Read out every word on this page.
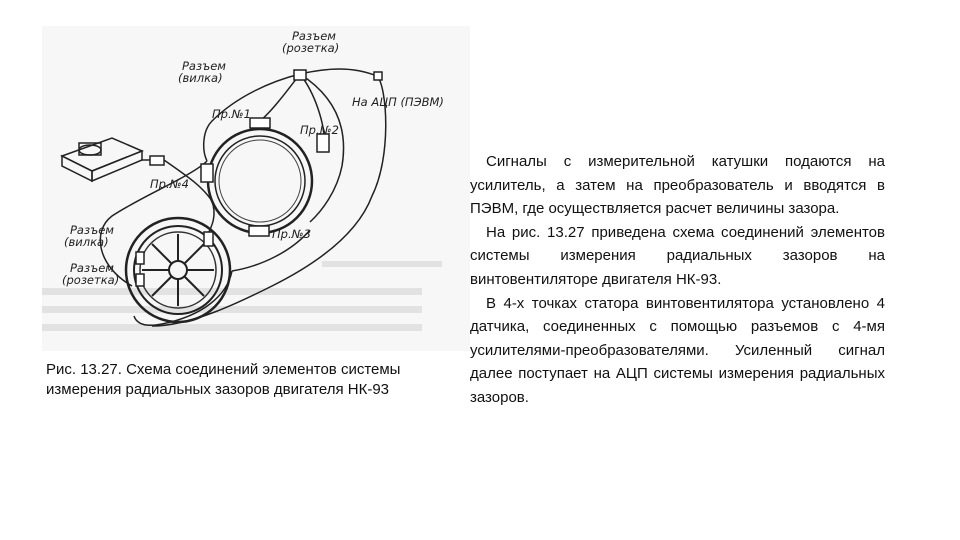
Разъем (розетка)
Разъем (вилка)
На АЦП (ПЭВМ)
Пр.№1
Пр.№2
Пр.№3
Пр.№4
Разъем (вилка)
Разъем (розетка)
Рис. 13.27. Схема соединений элементов системы измерения радиальных зазоров двигателя НК-93

Сигналы с измерительной катушки подаются на усилитель, а затем на преобразователь и вводятся в ПЭВМ, где осуществляется расчет величины зазора.

На рис. 13.27 приведена схема соединений элементов системы измерения радиальных зазоров на винтовентиляторе двигателя НК-93.

В 4-х точках статора винтовентилятора установлено 4 датчика, соединенных с помощью разъемов с 4-мя усилителями-преобразователями. Усиленный сигнал далее поступает на АЦП системы измерения радиальных зазоров.
